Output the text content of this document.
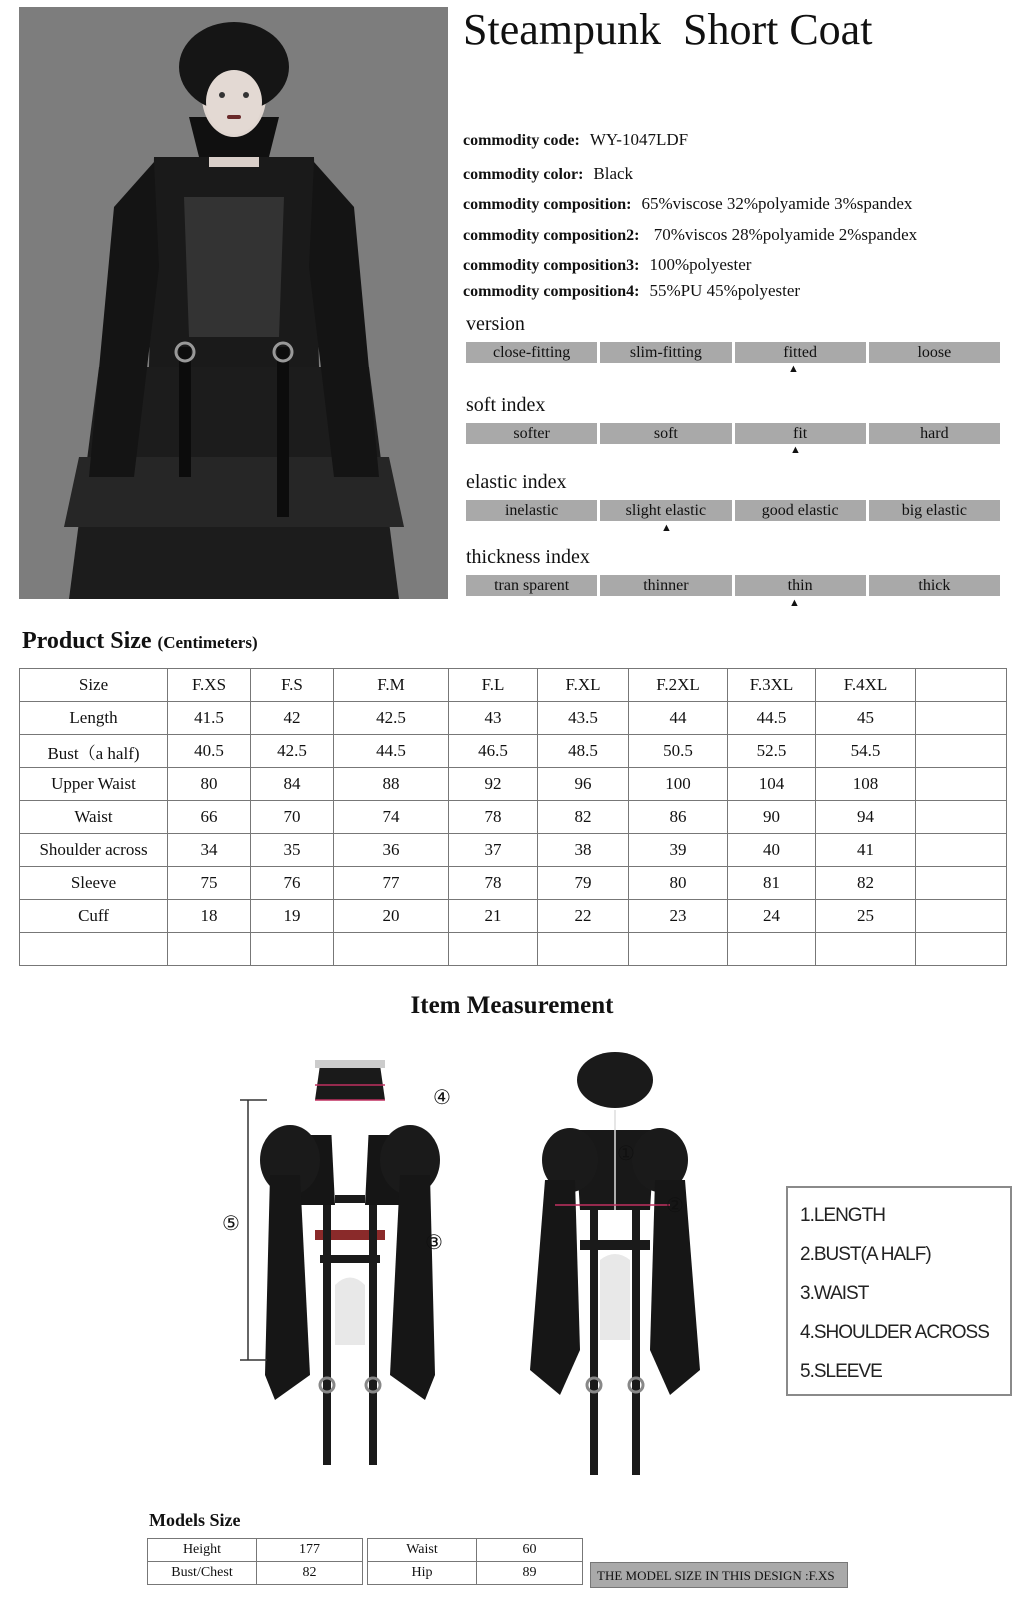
Steampunk  Short Coat
commodity code: WY-1047LDF
commodity color: Black
commodity composition: 65%viscose 32%polyamide 3%spandex
commodity composition2: 70%viscos 28%polyamide 2%spandex
commodity composition3: 100%polyester
commodity composition4: 55%PU 45%polyester
version
close-fitting	slim-fitting	fitted	loose
▲
soft index
softer	soft	fit	hard
▲
elastic index
inelastic	slight elastic	good elastic	big elastic
▲
thickness index
tran sparent	thinner	thin	thick
▲
Product Size (Centimeters)
Size	F.XS	F.S	F.M	F.L	F.XL	F.2XL	F.3XL	F.4XL	
Length	41.5	42	42.5	43	43.5	44	44.5	45	
Bust（a half)	40.5	42.5	44.5	46.5	48.5	50.5	52.5	54.5	
Upper Waist	80	84	88	92	96	100	104	108	
Waist	66	70	74	78	82	86	90	94	
Shoulder across	34	35	36	37	38	39	40	41	
Sleeve	75	76	77	78	79	80	81	82	
Cuff	18	19	20	21	22	23	24	25	

Item Measurement
④
⑤
③
①
②	1.LENGTH
2.BUST(A HALF)
3.WAIST
4.SHOULDER ACROSS
5.SLEEVE
Models Size
Height	177
Bust/Chest	82
Waist	60
Hip	89	THE MODEL SIZE IN THIS DESIGN :F.XS
